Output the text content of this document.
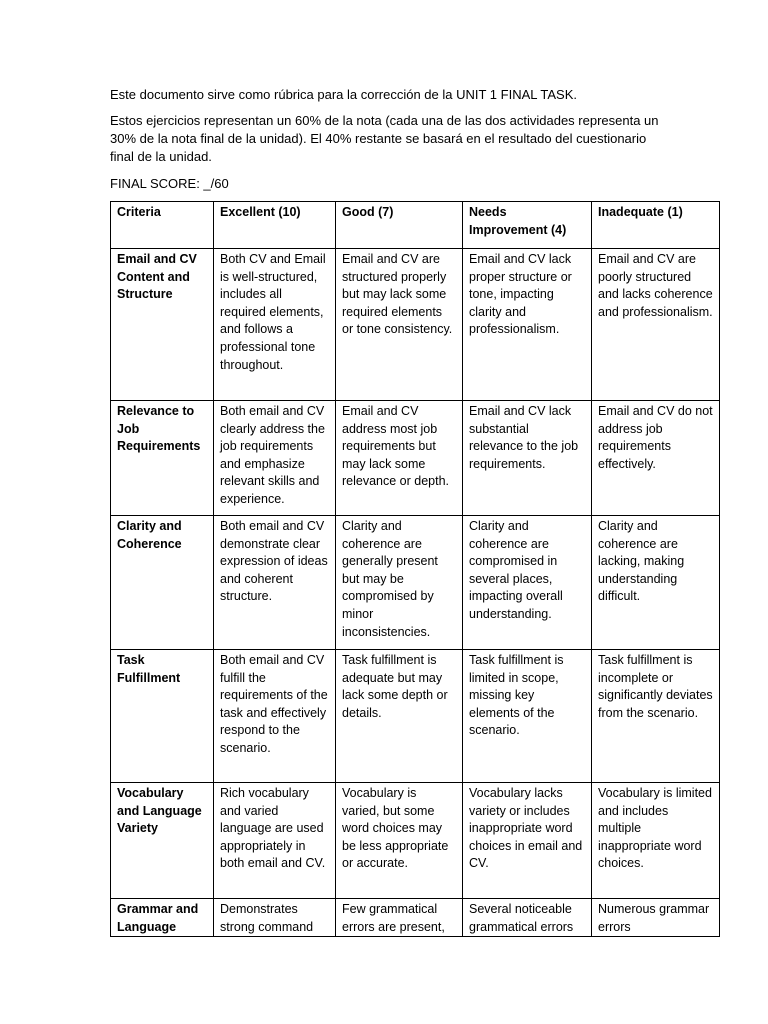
Este documento sirve como rúbrica para la corrección de la UNIT 1 FINAL TASK.

Estos ejercicios representan un 60% de la nota (cada una de las dos actividades representa un 30% de la nota final de la unidad). El 40% restante se basará en el resultado del cuestionario final de la unidad.

FINAL SCORE: _/60

Criteria	Excellent (10)	Good (7)	Needs Improvement (4)	Inadequate (1)
Email and CV Content and Structure	Both CV and Email is well-structured, includes all required elements, and follows a professional tone throughout.	Email and CV are structured properly but may lack some required elements or tone consistency.	Email and CV lack proper structure or tone, impacting clarity and professionalism.	Email and CV are poorly structured and lacks coherence and professionalism.
Relevance to Job Requirements	Both email and CV clearly address the job requirements and emphasize relevant skills and experience.	Email and CV address most job requirements but may lack some relevance or depth.	Email and CV lack substantial relevance to the job requirements.	Email and CV do not address job requirements effectively.
Clarity and Coherence	Both email and CV demonstrate clear expression of ideas and coherent structure.	Clarity and coherence are generally present but may be compromised by minor inconsistencies.	Clarity and coherence are compromised in several places, impacting overall understanding.	Clarity and coherence are lacking, making understanding difficult.
Task Fulfillment	Both email and CV fulfill the requirements of the task and effectively respond to the scenario.	Task fulfillment is adequate but may lack some depth or details.	Task fulfillment is limited in scope, missing key elements of the scenario.	Task fulfillment is incomplete or significantly deviates from the scenario.
Vocabulary and Language Variety	Rich vocabulary and varied language are used appropriately in both email and CV.	Vocabulary is varied, but some word choices may be less appropriate or accurate.	Vocabulary lacks variety or includes inappropriate word choices in email and CV.	Vocabulary is limited and includes multiple inappropriate word choices.
Grammar and Language	Demonstrates strong command	Few grammatical errors are present,	Several noticeable grammatical errors	Numerous grammar errors
